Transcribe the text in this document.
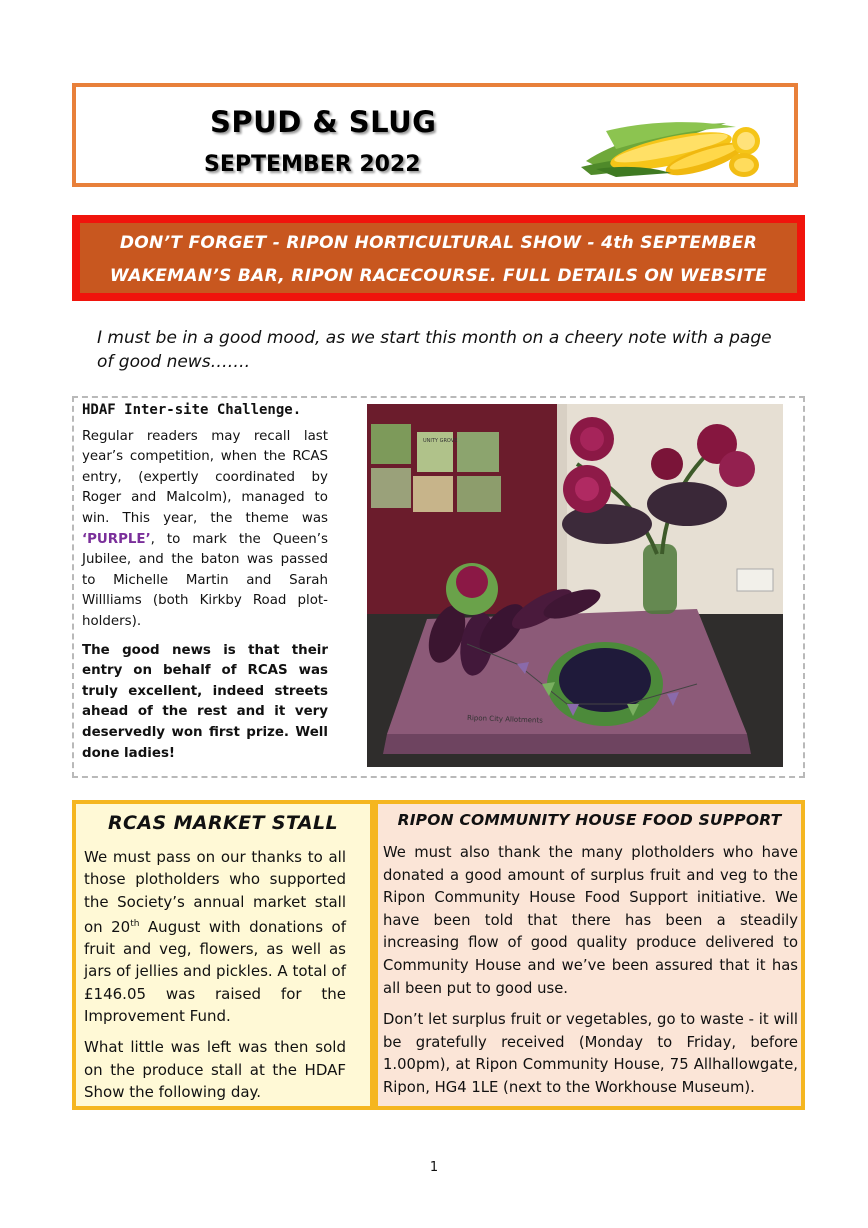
SPUD & SLUG
SEPTEMBER 2022
DON’T FORGET - RIPON HORTICULTURAL SHOW - 4th SEPTEMBER
WAKEMAN’S BAR, RIPON RACECOURSE. FULL DETAILS ON WEBSITE
I must be in a good mood, as we start this month on a cheery note with a page of good news…….
HDAF Inter-site Challenge.

Regular readers may recall last year’s competition, when the RCAS entry, (expertly coordinated by Roger and Malcolm), managed to win. This year, the theme was ‘PURPLE’, to mark the Queen’s Jubilee, and the baton was passed to Michelle Martin and Sarah Willliams (both Kirkby Road plot-holders).

The good news is that their entry on behalf of RCAS was truly excellent, indeed streets ahead of the rest and it very deservedly won first prize. Well done ladies!

UNITY GROVE
Ripon City Allotments
RCAS MARKET STALL

We must pass on our thanks to all those plotholders who supported the Society’s annual market stall on 20th August with donations of fruit and veg, flowers, as well as jars of jellies and pickles. A total of £146.05 was raised for the Improvement Fund.

What little was left was then sold on the produce stall at the HDAF Show the following day.

RIPON COMMUNITY HOUSE FOOD SUPPORT

We must also thank the many plotholders who have donated a good amount of surplus fruit and veg to the Ripon Community House Food Support initiative. We have been told that there has been a steadily increasing flow of good quality produce delivered to Community House and we’ve been assured that it has all been put to good use.

Don’t let surplus fruit or vegetables, go to waste - it will be gratefully received (Monday to Friday, before 1.00pm), at Ripon Community House, 75 Allhallowgate, Ripon, HG4 1LE (next to the Workhouse Museum).

1
